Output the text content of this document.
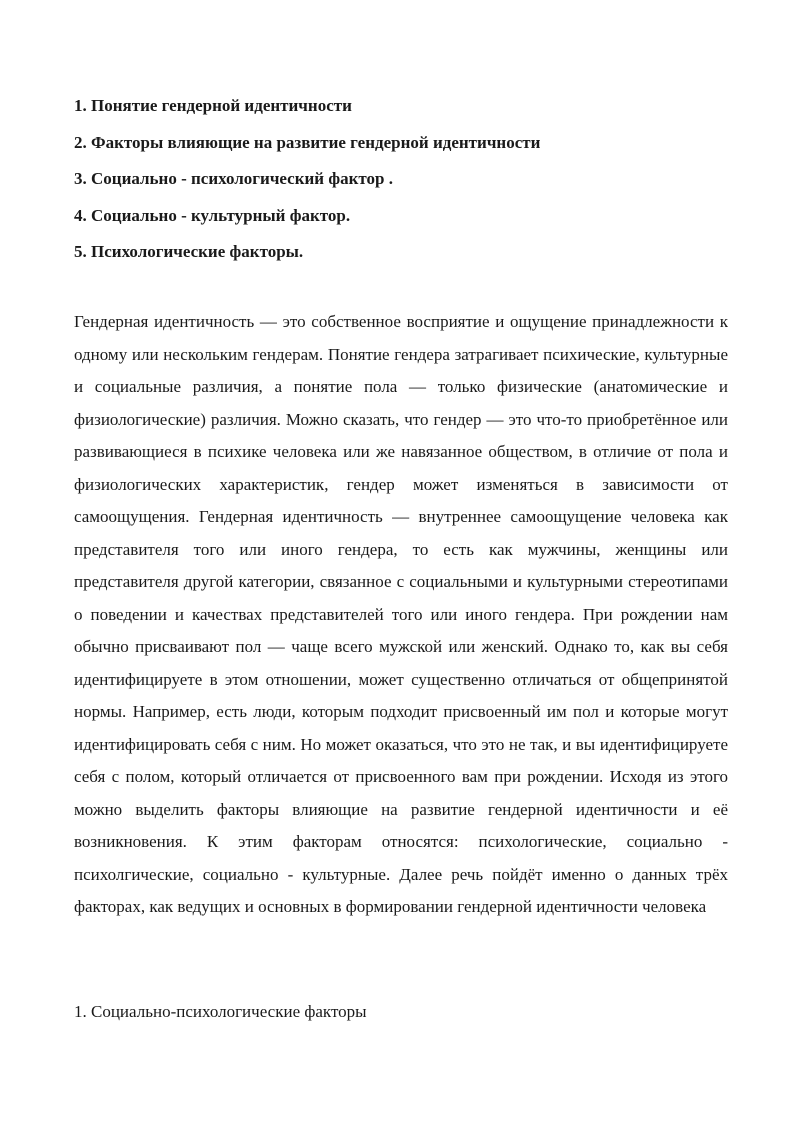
1. Понятие гендерной идентичности
2. Факторы влияющие на развитие гендерной идентичности
3. Социально - психологический фактор .
4. Социально - культурный фактор.
5. Психологические факторы.

Гендерная идентичность — это собственное восприятие и ощущение принадлежности к одному или нескольким гендерам. Понятие гендера затрагивает психические, культурные и социальные различия, а понятие пола — только физические (анатомические и физиологические) различия. Можно сказать, что гендер — это что-то приобретённое или развивающиеся в психике человека или же навязанное обществом, в отличие от пола и физиологических характеристик, гендер может изменяться в зависимости от самоощущения. Гендерная идентичность — внутреннее самоощущение человека как представителя того или иного гендера, то есть как мужчины, женщины или представителя другой категории, связанное с социальными и культурными стереотипами о поведении и качествах представителей того или иного гендера. При рождении нам обычно присваивают пол — чаще всего мужской или женский. Однако то, как вы себя идентифицируете в этом отношении, может существенно отличаться от общепринятой нормы. Например, есть люди, которым подходит присвоенный им пол и которые могут идентифицировать себя с ним. Но может оказаться, что это не так, и вы идентифицируете себя с полом, который отличается от присвоенного вам при рождении. Исходя из этого можно выделить факторы влияющие на развитие гендерной идентичности и её возникновения. К этим факторам относятся: психологические, социально - психолгические, социально - культурные. Далее речь пойдёт именно о данных трёх факторах, как ведущих и основных в формировании гендерной идентичности человека

1. Социально-психологические факторы
